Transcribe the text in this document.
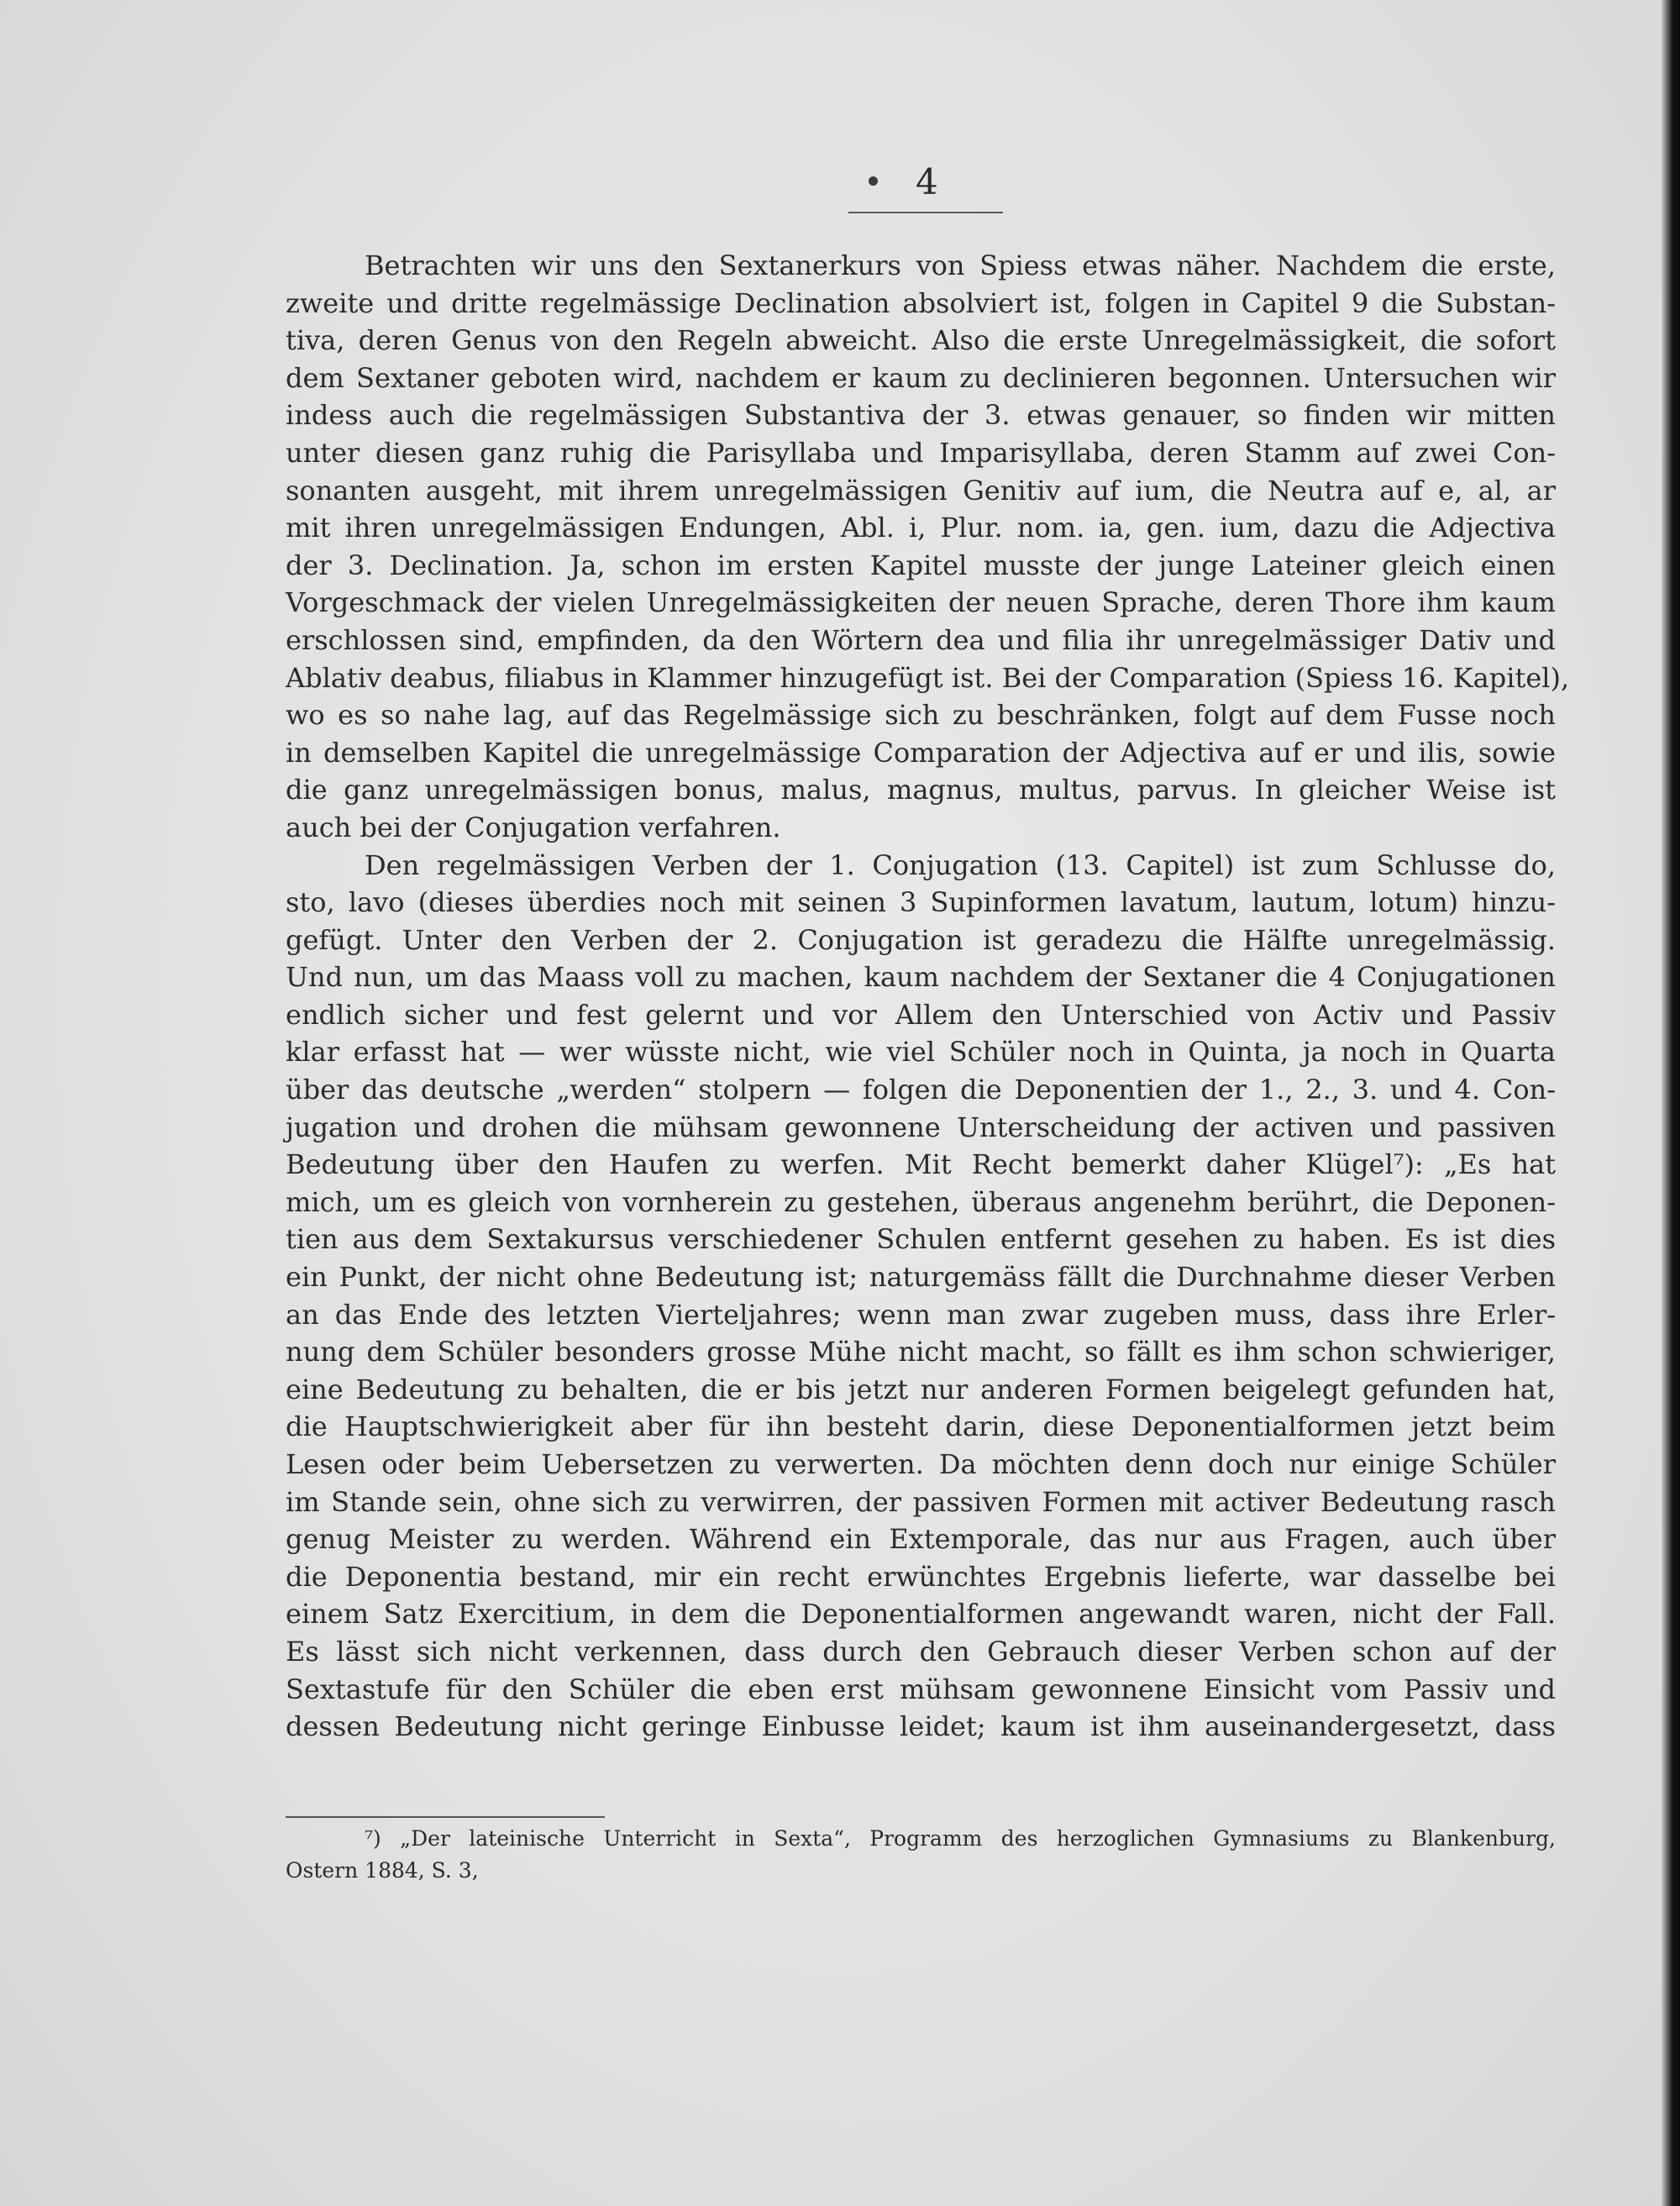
4
Betrachten wir uns den Sextanerkurs von Spiess etwas näher. Nachdem die erste,
zweite und dritte regelmässige Declination absolviert ist, folgen in Capitel 9 die Substan-
tiva, deren Genus von den Regeln abweicht. Also die erste Unregelmässigkeit, die sofort
dem Sextaner geboten wird, nachdem er kaum zu declinieren begonnen. Untersuchen wir
indess auch die regelmässigen Substantiva der 3. etwas genauer, so finden wir mitten
unter diesen ganz ruhig die Parisyllaba und Imparisyllaba, deren Stamm auf zwei Con-
sonanten ausgeht, mit ihrem unregelmässigen Genitiv auf ium, die Neutra auf e, al, ar
mit ihren unregelmässigen Endungen, Abl. i, Plur. nom. ia, gen. ium, dazu die Adjectiva
der 3. Declination. Ja, schon im ersten Kapitel musste der junge Lateiner gleich einen
Vorgeschmack der vielen Unregelmässigkeiten der neuen Sprache, deren Thore ihm kaum
erschlossen sind, empfinden, da den Wörtern dea und filia ihr unregelmässiger Dativ und
Ablativ deabus, filiabus in Klammer hinzugefügt ist. Bei der Comparation (Spiess 16. Kapitel),
wo es so nahe lag, auf das Regelmässige sich zu beschränken, folgt auf dem Fusse noch
in demselben Kapitel die unregelmässige Comparation der Adjectiva auf er und ilis, sowie
die ganz unregelmässigen bonus, malus, magnus, multus, parvus. In gleicher Weise ist
auch bei der Conjugation verfahren.
Den regelmässigen Verben der 1. Conjugation (13. Capitel) ist zum Schlusse do,
sto, lavo (dieses überdies noch mit seinen 3 Supinformen lavatum, lautum, lotum) hinzu-
gefügt. Unter den Verben der 2. Conjugation ist geradezu die Hälfte unregelmässig.
Und nun, um das Maass voll zu machen, kaum nachdem der Sextaner die 4 Conjugationen
endlich sicher und fest gelernt und vor Allem den Unterschied von Activ und Passiv
klar erfasst hat — wer wüsste nicht, wie viel Schüler noch in Quinta, ja noch in Quarta
über das deutsche „werden“ stolpern — folgen die Deponentien der 1., 2., 3. und 4. Con-
jugation und drohen die mühsam gewonnene Unterscheidung der activen und passiven
Bedeutung über den Haufen zu werfen. Mit Recht bemerkt daher Klügel⁷): „Es hat
mich, um es gleich von vornherein zu gestehen, überaus angenehm berührt, die Deponen-
tien aus dem Sextakursus verschiedener Schulen entfernt gesehen zu haben. Es ist dies
ein Punkt, der nicht ohne Bedeutung ist; naturgemäss fällt die Durchnahme dieser Verben
an das Ende des letzten Vierteljahres; wenn man zwar zugeben muss, dass ihre Erler-
nung dem Schüler besonders grosse Mühe nicht macht, so fällt es ihm schon schwieriger,
eine Bedeutung zu behalten, die er bis jetzt nur anderen Formen beigelegt gefunden hat,
die Hauptschwierigkeit aber für ihn besteht darin, diese Deponentialformen jetzt beim
Lesen oder beim Uebersetzen zu verwerten. Da möchten denn doch nur einige Schüler
im Stande sein, ohne sich zu verwirren, der passiven Formen mit activer Bedeutung rasch
genug Meister zu werden. Während ein Extemporale, das nur aus Fragen, auch über
die Deponentia bestand, mir ein recht erwünchtes Ergebnis lieferte, war dasselbe bei
einem Satz Exercitium, in dem die Deponentialformen angewandt waren, nicht der Fall.
Es lässt sich nicht verkennen, dass durch den Gebrauch dieser Verben schon auf der
Sextastufe für den Schüler die eben erst mühsam gewonnene Einsicht vom Passiv und
dessen Bedeutung nicht geringe Einbusse leidet; kaum ist ihm auseinandergesetzt, dass
⁷) „Der lateinische Unterricht in Sexta“, Programm des herzoglichen Gymnasiums zu Blankenburg,
Ostern 1884, S. 3,
